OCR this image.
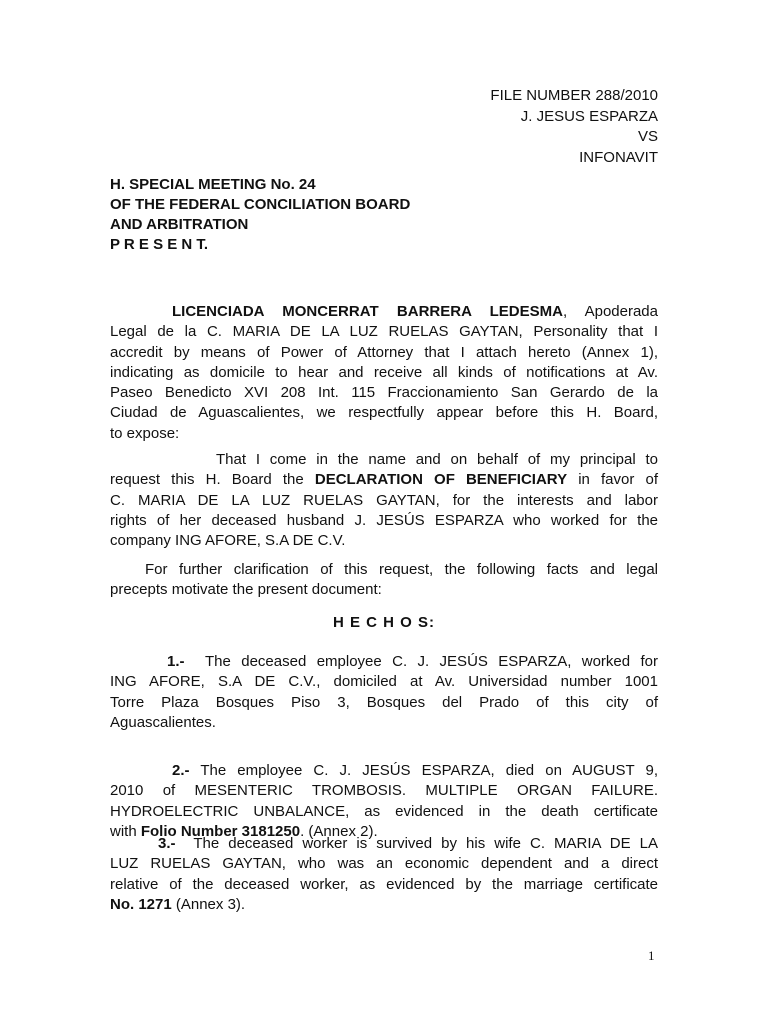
FILE NUMBER 288/2010
J. JESUS ESPARZA
VS
INFONAVIT
H. SPECIAL MEETING No. 24
OF THE FEDERAL CONCILIATION BOARD
AND ARBITRATION
P R E S E N T.
LICENCIADA MONCERRAT BARRERA LEDESMA, Apoderada
Legal de la C. MARIA DE LA LUZ RUELAS GAYTAN, Personality that I
accredit by means of Power of Attorney that I attach hereto (Annex 1),
indicating as domicile to hear and receive all kinds of notifications at Av.
Paseo Benedicto XVI 208 Int. 115 Fraccionamiento San Gerardo de la
Ciudad de Aguascalientes, we respectfully appear before this H. Board,
to expose:
That I come in the name and on behalf of my principal to
request this H. Board the DECLARATION OF BENEFICIARY in favor of
C. MARIA DE LA LUZ RUELAS GAYTAN, for the interests and labor
rights of her deceased husband J. JESÚS ESPARZA who worked for the
company ING AFORE, S.A DE C.V.
For further clarification of this request, the following facts and legal
precepts motivate the present document:
H E C H O S:
1.-  The deceased employee C. J. JESÚS ESPARZA, worked for
ING AFORE, S.A DE C.V., domiciled at Av. Universidad number 1001
Torre Plaza Bosques Piso 3, Bosques del Prado of this city of
Aguascalientes.
2.- The employee C. J. JESÚS ESPARZA, died on AUGUST 9,
2010 of MESENTERIC TROMBOSIS. MULTIPLE ORGAN FAILURE.
HYDROELECTRIC UNBALANCE, as evidenced in the death certificate
with Folio Number 3181250. (Annex 2).
3.-  The deceased worker is survived by his wife C. MARIA DE LA
LUZ RUELAS GAYTAN, who was an economic dependent and a direct
relative of the deceased worker, as evidenced by the marriage certificate
No. 1271 (Annex 3).
1
